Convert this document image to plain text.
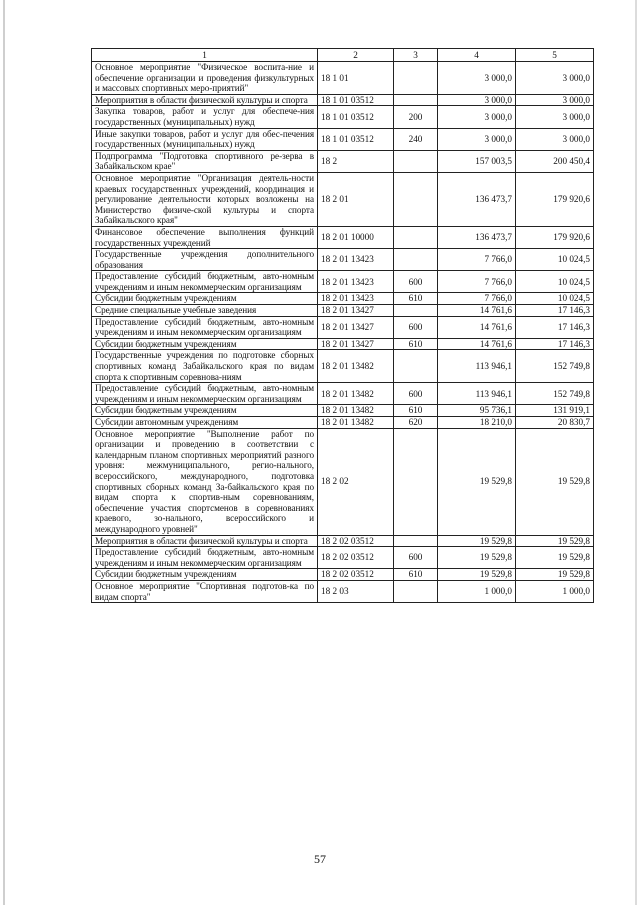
1	2	3	4	5
Основное мероприятие "Физическое воспита-ние и обеспечение организации и проведения физкультурных и массовых спортивных меро-приятий"	18 1 01		3 000,0	3 000,0
Мероприятия в области физической культуры и спорта	18 1 01 03512		3 000,0	3 000,0
Закупка товаров, работ и услуг для обеспече-ния государственных (муниципальных) нужд	18 1 01 03512	200	3 000,0	3 000,0
Иные закупки товаров, работ и услуг для обес-печения государственных (муниципальных) нужд	18 1 01 03512	240	3 000,0	3 000,0
Подпрограмма "Подготовка спортивного ре-зерва в Забайкальском крае"	18 2		157 003,5	200 450,4
Основное мероприятие "Организация деятель-ности краевых государственных учреждений, координация и регулирование деятельности которых возложены на Министерство физиче-ской культуры и спорта Забайкальского края"	18 2 01		136 473,7	179 920,6
Финансовое обеспечение выполнения функций государственных учреждений	18 2 01 10000		136 473,7	179 920,6
Государственные учреждения дополнительного образования	18 2 01 13423		7 766,0	10 024,5
Предоставление субсидий бюджетным, авто-номным учреждениям и иным некоммерческим организациям	18 2 01 13423	600	7 766,0	10 024,5
Субсидии бюджетным учреждениям	18 2 01 13423	610	7 766,0	10 024,5
Средние специальные учебные заведения	18 2 01 13427		14 761,6	17 146,3
Предоставление субсидий бюджетным, авто-номным учреждениям и иным некоммерческим организациям	18 2 01 13427	600	14 761,6	17 146,3
Субсидии бюджетным учреждениям	18 2 01 13427	610	14 761,6	17 146,3
Государственные учреждения по подготовке сборных спортивных команд Забайкальского края по видам спорта к спортивным соревнова-ниям	18 2 01 13482		113 946,1	152 749,8
Предоставление субсидий бюджетным, авто-номным учреждениям и иным некоммерческим организациям	18 2 01 13482	600	113 946,1	152 749,8
Субсидии бюджетным учреждениям	18 2 01 13482	610	95 736,1	131 919,1
Субсидии автономным учреждениям	18 2 01 13482	620	18 210,0	20 830,7
Основное мероприятие "Выполнение работ по организации и проведению в соответствии с календарным планом спортивных мероприятий разного уровня: межмуниципального, регио-нального, всероссийского, международного, подготовка спортивных сборных команд За-байкальского края по видам спорта к спортив-ным соревнованиям, обеспечение участия спортсменов в соревнованиях краевого, зо-нального, всероссийского и международного уровней"	18 2 02		19 529,8	19 529,8
Мероприятия в области физической культуры и спорта	18 2 02 03512		19 529,8	19 529,8
Предоставление субсидий бюджетным, авто-номным учреждениям и иным некоммерческим организациям	18 2 02 03512	600	19 529,8	19 529,8
Субсидии бюджетным учреждениям	18 2 02 03512	610	19 529,8	19 529,8
Основное мероприятие "Спортивная подготов-ка по видам спорта"	18 2 03		1 000,0	1 000,0
57
